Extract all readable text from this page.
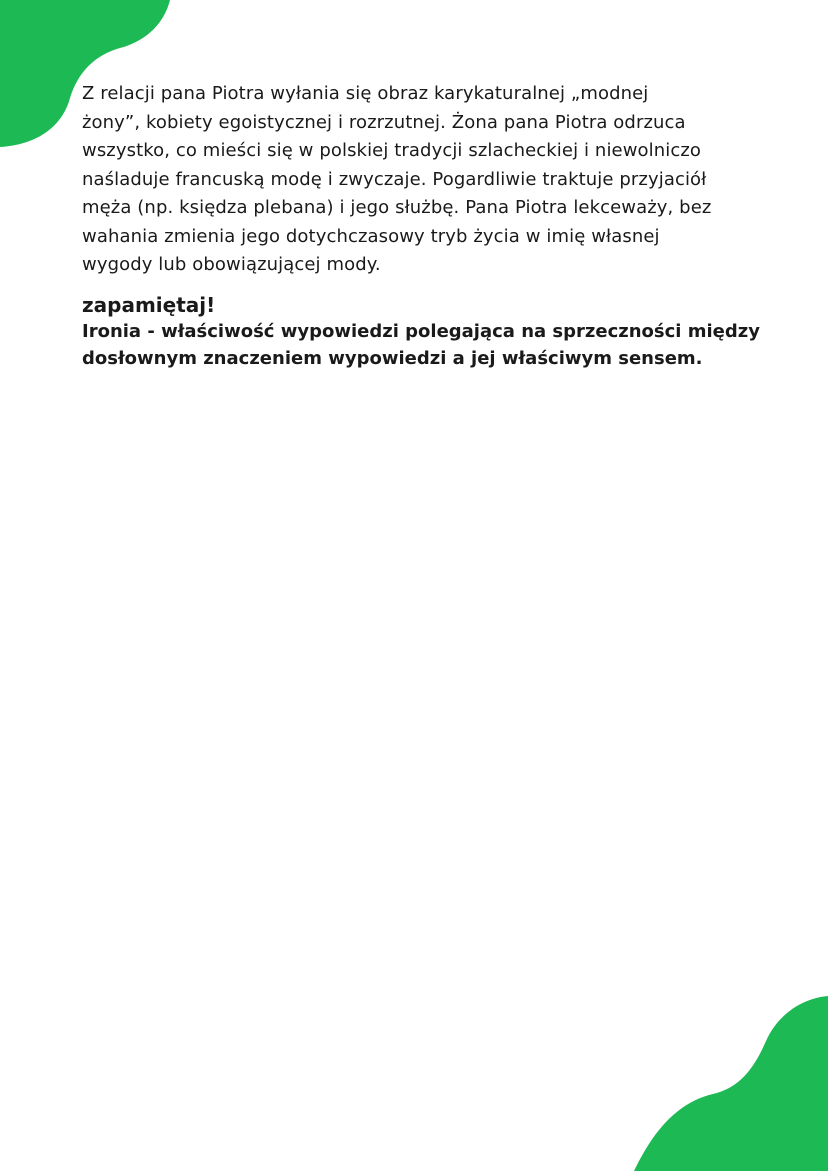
Z relacji pana Piotra wyłania się obraz karykaturalnej „modnej
żony”, kobiety egoistycznej i rozrzutnej. Żona pana Piotra odrzuca
wszystko, co mieści się w polskiej tradycji szlacheckiej i niewolniczo
naśladuje francuską modę i zwyczaje. Pogardliwie traktuje przyjaciół
męża (np. księdza plebana) i jego służbę. Pana Piotra lekceważy, bez
wahania zmienia jego dotychczasowy tryb życia w imię własnej
wygody lub obowiązującej mody.
zapamiętaj!
Ironia - właściwość wypowiedzi polegająca na sprzeczności między
dosłownym znaczeniem wypowiedzi a jej właściwym sensem.
